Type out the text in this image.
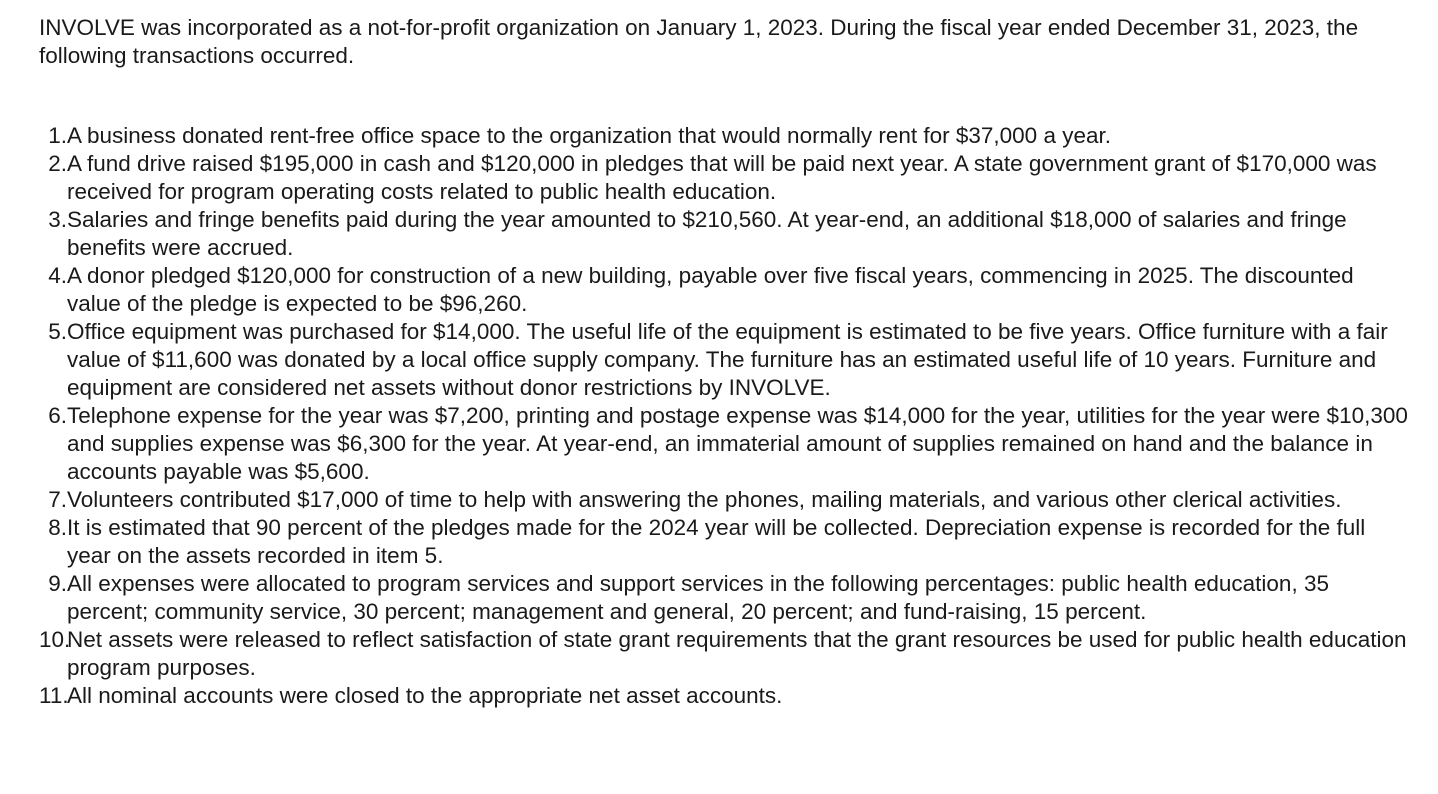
INVOLVE was incorporated as a not-for-profit organization on January 1, 2023. During the fiscal year ended December 31, 2023, the following transactions occurred.

1. A business donated rent-free office space to the organization that would normally rent for $37,000 a year.
2. A fund drive raised $195,000 in cash and $120,000 in pledges that will be paid next year. A state government grant of $170,000 was received for program operating costs related to public health education.
3. Salaries and fringe benefits paid during the year amounted to $210,560. At year-end, an additional $18,000 of salaries and fringe benefits were accrued.
4. A donor pledged $120,000 for construction of a new building, payable over five fiscal years, commencing in 2025. The discounted value of the pledge is expected to be $96,260.
5. Office equipment was purchased for $14,000. The useful life of the equipment is estimated to be five years. Office furniture with a fair value of $11,600 was donated by a local office supply company. The furniture has an estimated useful life of 10 years. Furniture and equipment are considered net assets without donor restrictions by INVOLVE.
6. Telephone expense for the year was $7,200, printing and postage expense was $14,000 for the year, utilities for the year were $10,300 and supplies expense was $6,300 for the year. At year-end, an immaterial amount of supplies remained on hand and the balance in accounts payable was $5,600.
7. Volunteers contributed $17,000 of time to help with answering the phones, mailing materials, and various other clerical activities.
8. It is estimated that 90 percent of the pledges made for the 2024 year will be collected. Depreciation expense is recorded for the full year on the assets recorded in item 5.
9. All expenses were allocated to program services and support services in the following percentages: public health education, 35 percent; community service, 30 percent; management and general, 20 percent; and fund-raising, 15 percent.
10.
Net assets were released to reflect satisfaction of state grant requirements that the grant resources be used for public health education program purposes.
11.
All nominal accounts were closed to the appropriate net asset accounts.
